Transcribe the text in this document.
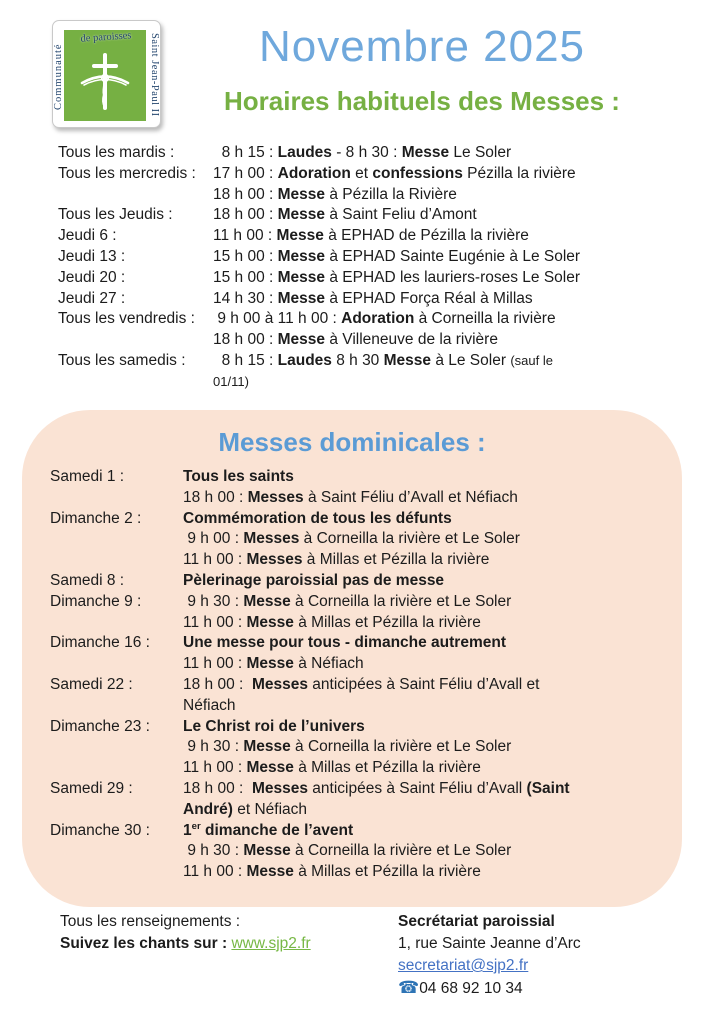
de paroisses
Communauté	Saint Jean-Paul II	Novembre 2025
Horaires habituels des Messes :
Tous les mardis :	8 h 15 : Laudes - 8 h 30 : Messe Le Soler
Tous les mercredis :	17 h 00 : Adoration et confessions Pézilla la rivière
18 h 00 : Messe à Pézilla la Rivière
Tous les Jeudis :	18 h 00 : Messe à Saint Feliu d’Amont
Jeudi 6 :	11 h 00 : Messe à EPHAD de Pézilla la rivière
Jeudi 13 :	15 h 00 : Messe à EPHAD Sainte Eugénie à Le Soler
Jeudi 20 :	15 h 00 : Messe à EPHAD les lauriers-roses Le Soler
Jeudi 27 :	14 h 30 : Messe à EPHAD Força Réal à Millas
Tous les vendredis :	9 h 00 à 11 h 00 : Adoration à Corneilla la rivière
18 h 00 : Messe à Villeneuve de la rivière
Tous les samedis :	8 h 15 : Laudes 8 h 30 Messe à Le Soler (sauf le
01/11)
Messes dominicales :
Samedi 1 :	Tous les saints
18 h 00 : Messes à Saint Féliu d’Avall et Néfiach
Dimanche 2 :	Commémoration de tous les défunts
9 h 00 : Messes à Corneilla la rivière et Le Soler
11 h 00 : Messes à Millas et Pézilla la rivière
Samedi 8 :	Pèlerinage paroissial pas de messe
Dimanche 9 :	9 h 30 : Messe à Corneilla la rivière et Le Soler
11 h 00 : Messe à Millas et Pézilla la rivière
Dimanche 16 :	Une messe pour tous - dimanche autrement
11 h 00 : Messe à Néfiach
Samedi 22 :	18 h 00 :  Messes anticipées à Saint Féliu d’Avall et
Néfiach
Dimanche 23 :	Le Christ roi de l’univers
9 h 30 : Messe à Corneilla la rivière et Le Soler
11 h 00 : Messe à Millas et Pézilla la rivière
Samedi 29 :	18 h 00 :  Messes anticipées à Saint Féliu d’Avall (Saint
André) et Néfiach
Dimanche 30 :	1er dimanche de l’avent
9 h 30 : Messe à Corneilla la rivière et Le Soler
11 h 00 : Messe à Millas et Pézilla la rivière
Tous les renseignements :
Suivez les chants sur : www.sjp2.fr
Secrétariat paroissial
1, rue Sainte Jeanne d’Arc
secretariat@sjp2.fr
☎04 68 92 10 34
